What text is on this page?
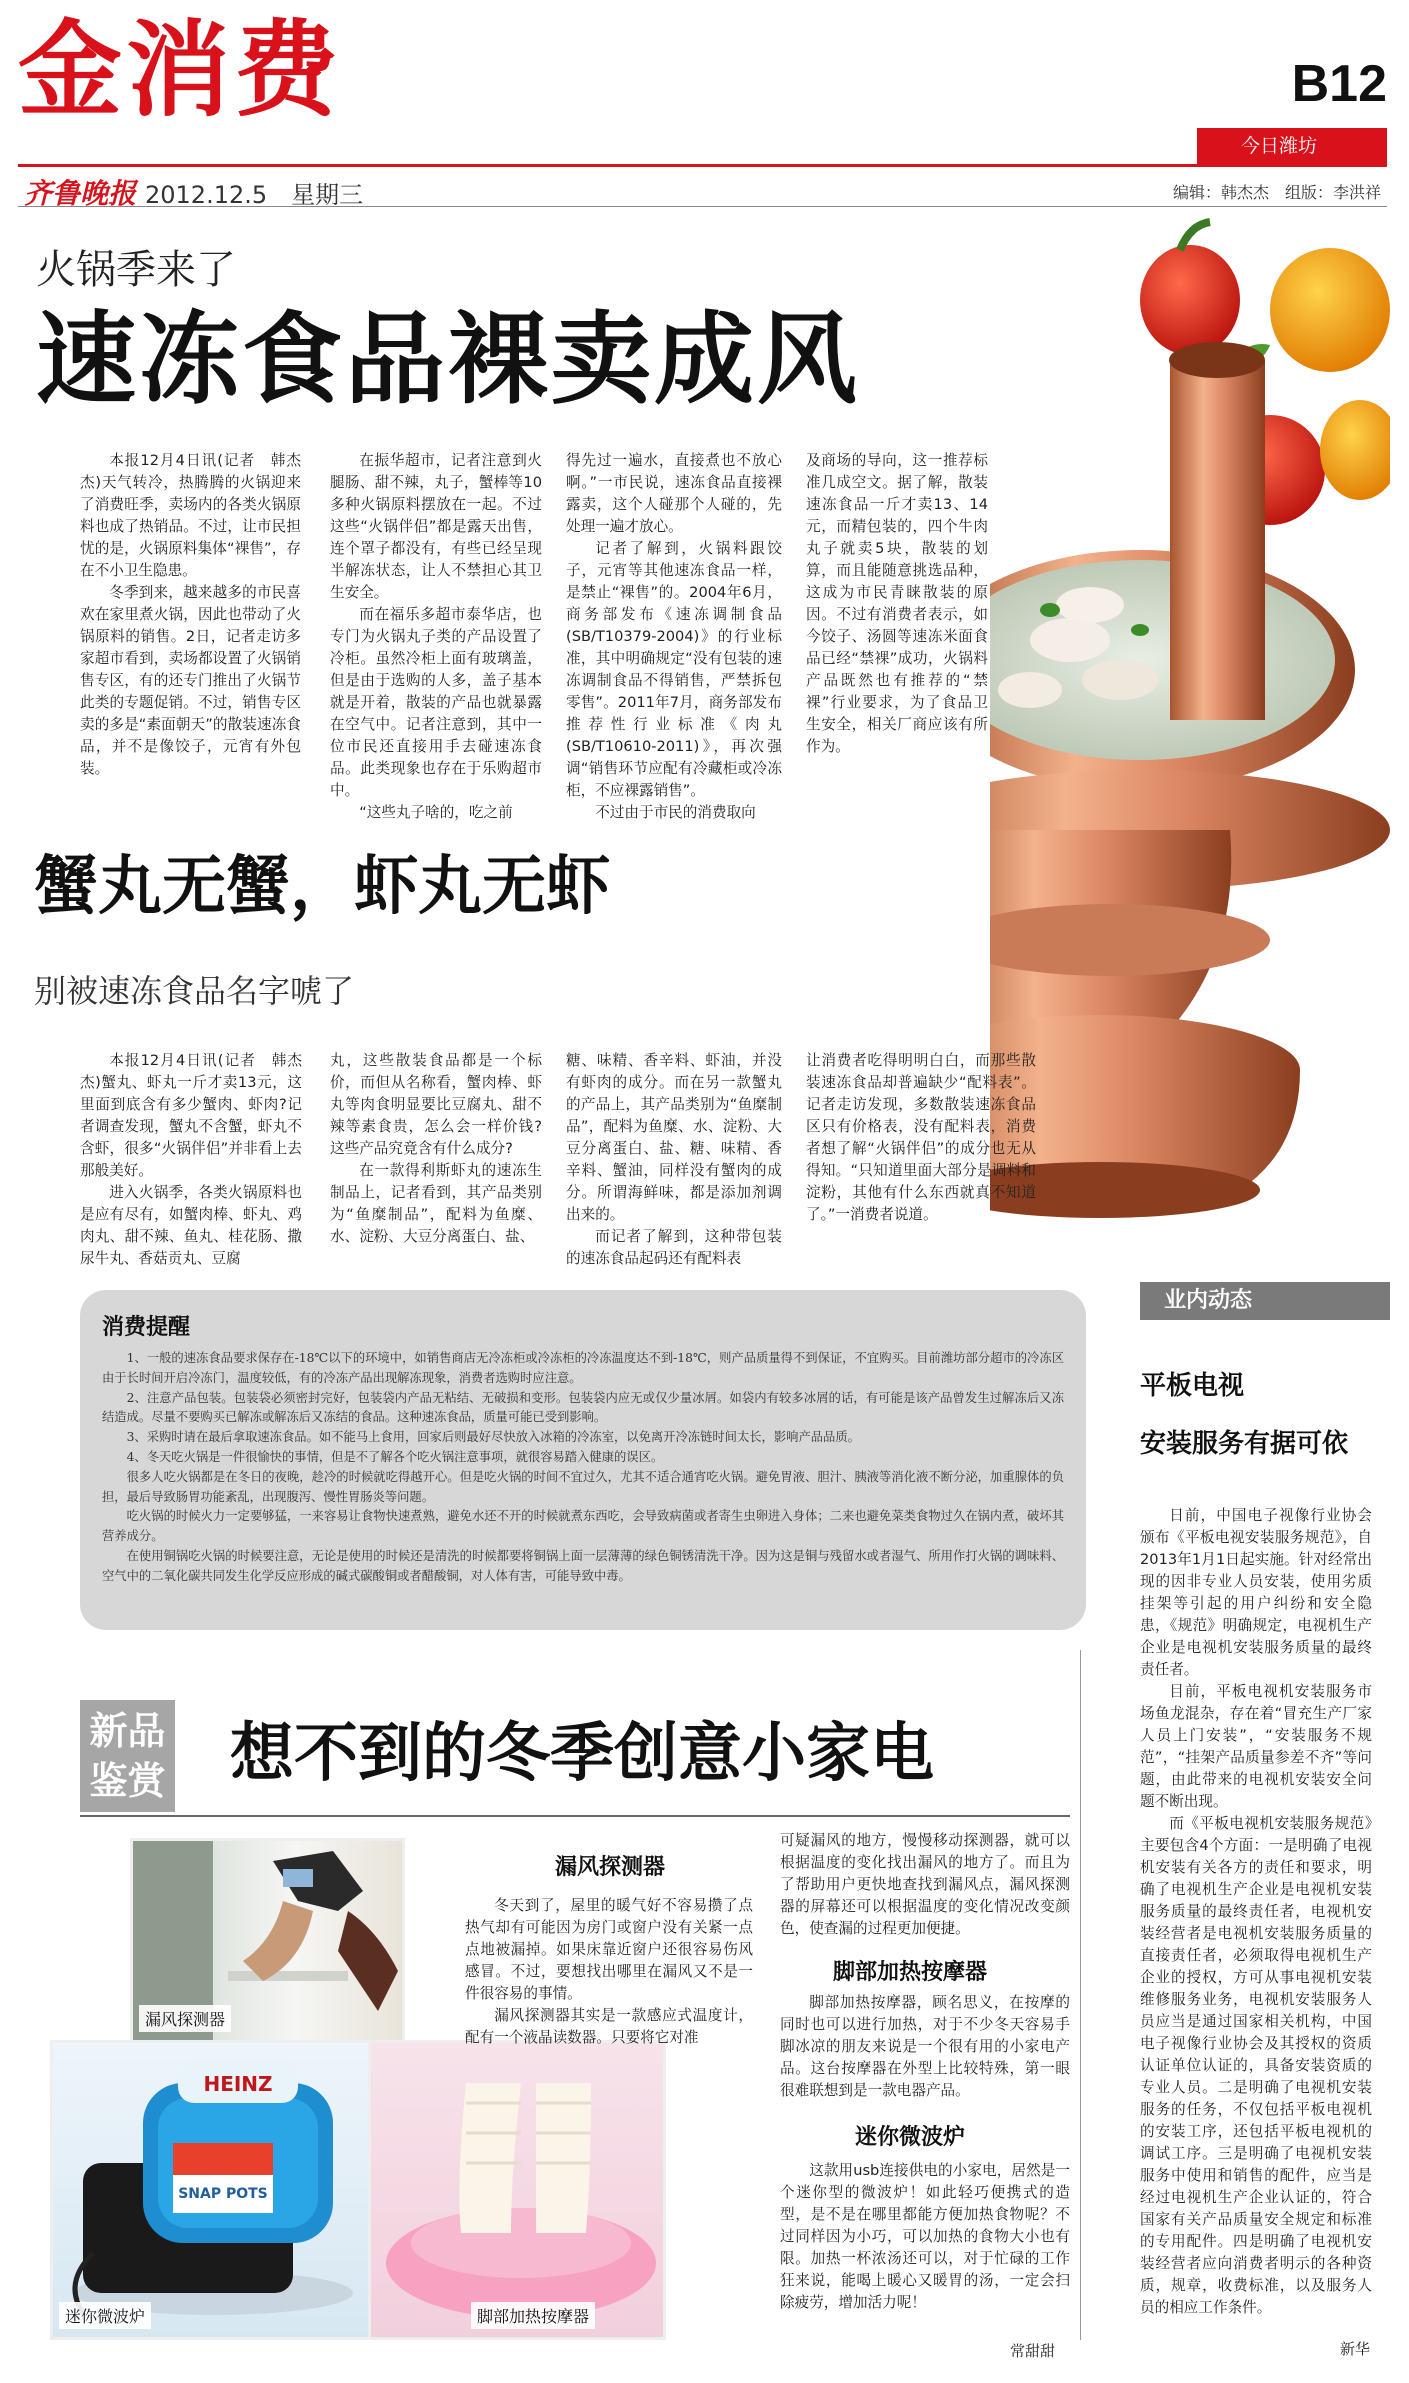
金消费	B12
今日潍坊
齐鲁晚报 2012.12.5　星期三	编辑：韩杰杰　组版：李洪祥
火锅季来了
速冻食品裸卖成风

本报12月4日讯(记者　韩杰杰)天气转冷，热腾腾的火锅迎来了消费旺季，卖场内的各类火锅原料也成了热销品。不过，让市民担忧的是，火锅原料集体“裸售”，存在不小卫生隐患。

冬季到来，越来越多的市民喜欢在家里煮火锅，因此也带动了火锅原料的销售。2日，记者走访多家超市看到，卖场都设置了火锅销售专区，有的还专门推出了火锅节此类的专题促销。不过，销售专区卖的多是“素面朝天”的散装速冻食品，并不是像饺子，元宵有外包装。

在振华超市，记者注意到火腿肠、甜不辣，丸子，蟹棒等10多种火锅原料摆放在一起。不过这些“火锅伴侣”都是露天出售，连个罩子都没有，有些已经呈现半解冻状态，让人不禁担心其卫生安全。

而在福乐多超市泰华店，也专门为火锅丸子类的产品设置了冷柜。虽然冷柜上面有玻璃盖，但是由于选购的人多，盖子基本就是开着，散装的产品也就暴露在空气中。记者注意到，其中一位市民还直接用手去碰速冻食品。此类现象也存在于乐购超市中。

“这些丸子啥的，吃之前

得先过一遍水，直接煮也不放心啊。”一市民说，速冻食品直接裸露卖，这个人碰那个人碰的，先处理一遍才放心。

记者了解到，火锅料跟饺子，元宵等其他速冻食品一样，是禁止“裸售”的。2004年6月，商务部发布《速冻调制食品(SB/T10379-2004)》的行业标准，其中明确规定“没有包装的速冻调制食品不得销售，严禁拆包零售”。2011年7月，商务部发布推荐性行业标准《肉丸(SB/T10610-2011)》，再次强调“销售环节应配有冷藏柜或冷冻柜，不应裸露销售”。

不过由于市民的消费取向

及商场的导向，这一推荐标准几成空文。据了解，散装速冻食品一斤才卖13、14元，而精包装的，四个牛肉丸子就卖5块，散装的划算，而且能随意挑选品种，这成为市民青睐散装的原因。不过有消费者表示，如今饺子、汤圆等速冻米面食品已经“禁裸”成功，火锅料产品既然也有推荐的“禁裸”行业要求，为了食品卫生安全，相关厂商应该有所作为。

蟹丸无蟹，虾丸无虾
别被速冻食品名字唬了

本报12月4日讯(记者　韩杰杰)蟹丸、虾丸一斤才卖13元，这里面到底含有多少蟹肉、虾肉?记者调查发现，蟹丸不含蟹，虾丸不含虾，很多“火锅伴侣”并非看上去那般美好。

进入火锅季，各类火锅原料也是应有尽有，如蟹肉棒、虾丸、鸡肉丸、甜不辣、鱼丸、桂花肠、撒尿牛丸、香菇贡丸、豆腐

丸，这些散装食品都是一个标价，而但从名称看，蟹肉棒、虾丸等肉食明显要比豆腐丸、甜不辣等素食贵，怎么会一样价钱?这些产品究竟含有什么成分?

在一款得利斯虾丸的速冻生制品上，记者看到，其产品类别为“鱼糜制品”，配料为鱼糜、水、淀粉、大豆分离蛋白、盐、

糖、味精、香辛料、虾油，并没有虾肉的成分。而在另一款蟹丸的产品上，其产品类别为“鱼糜制品”，配料为鱼糜、水、淀粉、大豆分离蛋白、盐、糖、味精、香辛料、蟹油，同样没有蟹肉的成分。所谓海鲜味，都是添加剂调出来的。

而记者了解到，这种带包装的速冻食品起码还有配料表

让消费者吃得明明白白，而那些散装速冻食品却普遍缺少“配料表”。记者走访发现，多数散装速冻食品区只有价格表，没有配料表，消费者想了解“火锅伴侣”的成分也无从得知。“只知道里面大部分是调料和淀粉，其他有什么东西就真不知道了。”一消费者说道。

消费提醒

1、一般的速冻食品要求保存在-18℃以下的环境中，如销售商店无冷冻柜或冷冻柜的冷冻温度达不到-18℃，则产品质量得不到保证，不宜购买。目前潍坊部分超市的冷冻区由于长时间开启冷冻门，温度较低，有的冷冻产品出现解冻现象，消费者选购时应注意。

2、注意产品包装。包装袋必须密封完好，包装袋内产品无粘结、无破损和变形。包装袋内应无或仅少量冰屑。如袋内有较多冰屑的话，有可能是该产品曾发生过解冻后又冻结造成。尽量不要购买已解冻或解冻后又冻结的食品。这种速冻食品，质量可能已受到影响。

3、采购时请在最后拿取速冻食品。如不能马上食用，回家后则最好尽快放入冰箱的冷冻室，以免离开冷冻链时间太长，影响产品品质。

4、冬天吃火锅是一件很愉快的事情，但是不了解各个吃火锅注意事项，就很容易踏入健康的误区。

很多人吃火锅都是在冬日的夜晚，趁冷的时候就吃得越开心。但是吃火锅的时间不宜过久，尤其不适合通宵吃火锅。避免胃液、胆汁、胰液等消化液不断分泌，加重腺体的负担，最后导致肠胃功能紊乱，出现腹泻、慢性胃肠炎等问题。

吃火锅的时候火力一定要够猛，一来容易让食物快速煮熟，避免水还不开的时候就煮东西吃，会导致病菌或者寄生虫卵进入身体；二来也避免菜类食物过久在锅内煮，破坏其营养成分。

在使用铜锅吃火锅的时候要注意，无论是使用的时候还是清洗的时候都要将铜锅上面一层薄薄的绿色铜锈清洗干净。因为这是铜与残留水或者湿气、所用作打火锅的调味料、空气中的二氧化碳共同发生化学反应形成的碱式碳酸铜或者醋酸铜，对人体有害，可能导致中毒。

业内动态
平板电视
安装服务有据可依

日前，中国电子视像行业协会颁布《平板电视安装服务规范》，自2013年1月1日起实施。针对经常出现的因非专业人员安装，使用劣质挂架等引起的用户纠纷和安全隐患，《规范》明确规定，电视机生产企业是电视机安装服务质量的最终责任者。

目前，平板电视机安装服务市场鱼龙混杂，存在着“冒充生产厂家人员上门安装”，“安装服务不规范”，“挂架产品质量参差不齐”等问题，由此带来的电视机安装安全问题不断出现。

而《平板电视机安装服务规范》主要包含4个方面：一是明确了电视机安装有关各方的责任和要求，明确了电视机生产企业是电视机安装服务质量的最终责任者，电视机安装经营者是电视机安装服务质量的直接责任者，必须取得电视机生产企业的授权，方可从事电视机安装维修服务业务，电视机安装服务人员应当是通过国家相关机构，中国电子视像行业协会及其授权的资质认证单位认证的，具备安装资质的专业人员。二是明确了电视机安装服务的任务，不仅包括平板电视机的安装工序，还包括平板电视机的调试工序。三是明确了电视机安装服务中使用和销售的配件，应当是经过电视机生产企业认证的，符合国家有关产品质量安全规定和标准的专用配件。四是明确了电视机安装经营者应向消费者明示的各种资质，规章，收费标准，以及服务人员的相应工作条件。

新华
新品
鉴赏 想不到的冬季创意小家电
漏风探测器
HEINZ
SNAP POTS
迷你微波炉	脚部加热按摩器
漏风探测器

冬天到了，屋里的暖气好不容易攒了点热气却有可能因为房门或窗户没有关紧一点点地被漏掉。如果床靠近窗户还很容易伤风感冒。不过，要想找出哪里在漏风又不是一件很容易的事情。

漏风探测器其实是一款感应式温度计，配有一个液晶读数器。只要将它对准

可疑漏风的地方，慢慢移动探测器，就可以根据温度的变化找出漏风的地方了。而且为了帮助用户更快地查找到漏风点，漏风探测器的屏幕还可以根据温度的变化情况改变颜色，使查漏的过程更加便捷。

脚部加热按摩器

脚部加热按摩器，顾名思义，在按摩的同时也可以进行加热，对于不少冬天容易手脚冰凉的朋友来说是一个很有用的小家电产品。这台按摩器在外型上比较特殊，第一眼很难联想到是一款电器产品。

迷你微波炉

这款用usb连接供电的小家电，居然是一个迷你型的微波炉！如此轻巧便携式的造型，是不是在哪里都能方便加热食物呢？不过同样因为小巧，可以加热的食物大小也有限。加热一杯浓汤还可以，对于忙碌的工作狂来说，能喝上暖心又暖胃的汤，一定会扫除疲劳，增加活力呢！

常甜甜
